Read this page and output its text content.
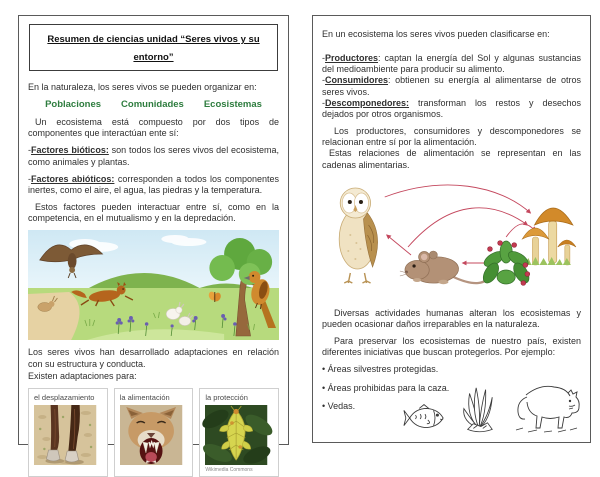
Resumen de ciencias unidad “Seres vivos y su entorno”

En la naturaleza, los seres vivos se pueden organizar en:

Poblaciones Comunidades Ecosistemas

Un ecosistema está compuesto por dos tipos de componentes que interactúan ente sí:

-Factores bióticos: son todos los seres vivos del ecosistema, como animales y plantas.

-Factores abióticos: corresponden a todos los componentes inertes, como el aire, el agua, las piedras y la temperatura.

Estos factores pueden interactuar entre sí, como en la competencia, en el mutualismo y en la depredación.

Los seres vivos han desarrollado adaptaciones en relación con su estructura y conducta.

Existen adaptaciones para:

el desplazamiento	la alimentación	la protección
Wikimedia Commons

En un ecosistema los seres vivos pueden clasificarse en:

-Productores: captan la energía del Sol y algunas sustancias del medioambiente para producir su alimento.

-Consumidores: obtienen su energía al alimentarse de otros seres vivos.

-Descomponedores: transforman los restos y desechos dejados por otros organismos.

Los productores, consumidores y descomponedores se relacionan entre sí por la alimentación.

Estas relaciones de alimentación se representan en las cadenas alimentarias.

Diversas actividades humanas alteran los ecosistemas y pueden ocasionar daños irreparables en la naturaleza.

Para preservar los ecosistemas de nuestro país, existen diferentes iniciativas que buscan protegerlos. Por ejemplo:

• Áreas silvestres protegidas.

• Áreas prohibidas para la caza.

• Vedas.
